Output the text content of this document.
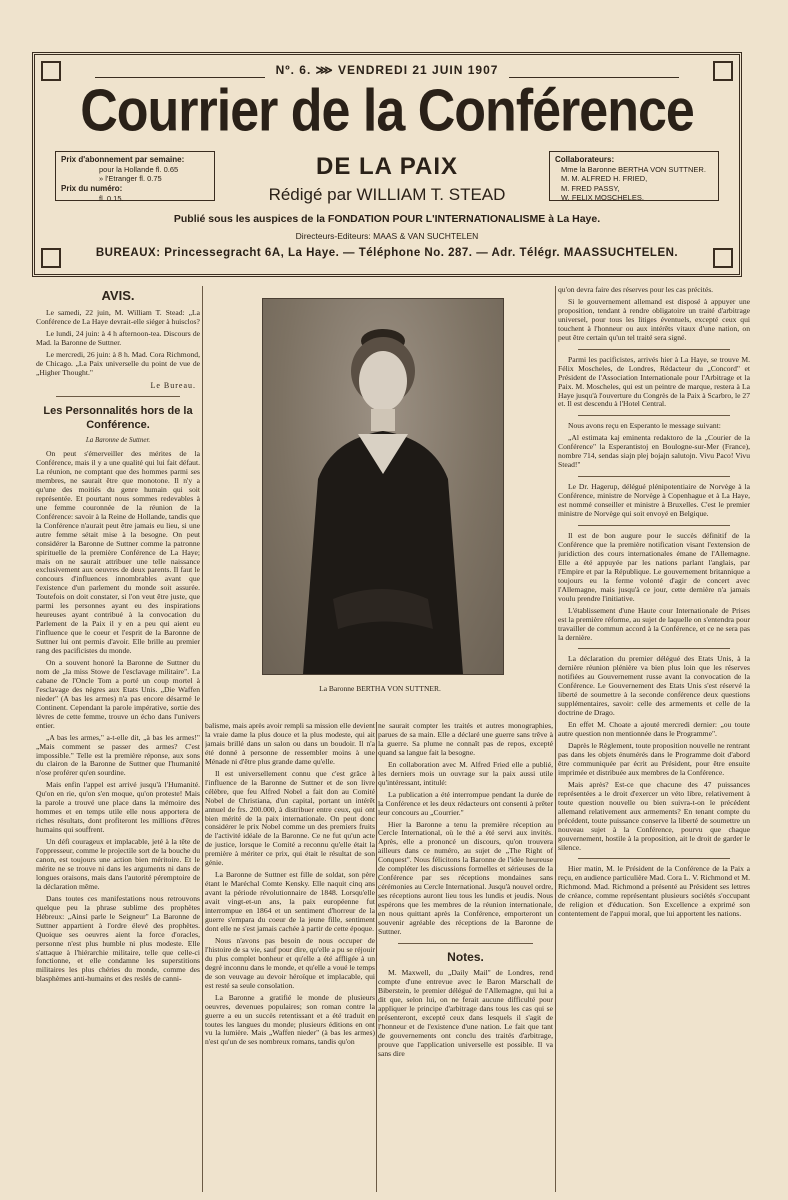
Nº. 6. ⋙ VENDREDI 21 JUIN 1907
Courrier de la Conférence
Prix d'abonnement par semaine:
pour la Hollande fl. 0.65
» l'Etranger fl. 0.75
Prix du numéro:
fl. 0.15.
DE LA PAIX
Rédigé par WILLIAM T. STEAD
Collaborateurs:
Mme la Baronne BERTHA VON SUTTNER.
M. M. ALFRED H. FRIED,
M. FRED PASSY,
W. FELIX MOSCHELES.
Publié sous les auspices de la FONDATION POUR L'INTERNATIONALISME à La Haye.
Directeurs-Editeurs: MAAS & VAN SUCHTELEN
BUREAUX: Princessegracht 6A, La Haye. — Téléphone No. 287. — Adr. Télégr. MAASSUCHTELEN.
AVIS.

Le samedi, 22 juin, M. William T. Stead: „La Conférence de La Haye devrait-elle siéger à huisclos?

Le lundi, 24 juin: à 4 h afternoon-tea. Discours de Mad. la Baronne de Suttner.

Le mercredi, 26 juin: à 8 h. Mad. Cora Richmond, de Chicago. „La Paix universelle du point de vue de „Higher Thought."

Le Bureau.
Les Personnalités hors de la Conférence.
La Baronne de Suttner.

On peut s'émerveiller des mérites de la Conférence, mais il y a une qualité qui lui fait défaut. La réunion, ne comptant que des hommes parmi ses membres, ne saurait être que monotone. Il n'y a qu'une des moitiés du genre humain qui soit représentée. Et pourtant nous sommes redevables à une femme couronnée de la réunion de la Conférence: savoir à la Reine de Hollande, tandis que la Conférence n'aurait peut être jamais eu lieu, si une autre femme sétait mise à la besogne. On peut considérer la Baronne de Suttner comme la patronne spirituelle de la première Conférence de La Haye; mais on ne saurait attribuer une telle naissance exclusivement aux oeuvres de deux parents. Il faut le concours d'influences innombrables avant que l'existence d'un parlement du monde soit assurée. Toutefois on doit constater, si l'on veut être juste, que parmi les personnes ayant eu des inspirations heureuses ayant contribué à la convocation du Parlement de la Paix il y en a peu qui aient eu l'influence que le coeur et l'esprit de la Baronne de Suttner lui ont permis d'avoir. Elle brille au premier rang des pacificistes du monde.

On a souvent honoré la Baronne de Suttner du nom de „la miss Stowe de l'esclavage militaire". La cabane de l'Oncle Tom a porté un coup mortel à l'esclavage des nègres aux Etats Unis. „Die Waffen nieder" (A bas les armes) n'a pas encore désarmé le Continent. Cependant la parole impérative, sortie des lèvres de cette femme, trouve un écho dans l'univers entier.

„A bas les armes," a-t-elle dit, „à bas les armes!" „Mais comment se passer des armes? C'est impossible." Telle est la première réponse, aux sons du clairon de la Baronne de Suttner que l'humanité n'ose proférer qu'en sourdine.

Mais enfin l'appel est arrivé jusqu'à l'Humanité. Qu'on en rie, qu'on s'en moque, qu'on proteste! Mais la parole a trouvé une place dans la mémoire des hommes et en temps utile elle nous apportera de riches résultats, dont profiteront les millions d'êtres humains qui souffrent.

Un défi courageux et implacable, jeté à la tête de l'oppresseur, comme le projectile sort de la bouche du canon, est toujours une action bien méritoire. Et le mérite ne se trouve ni dans les arguments ni dans de longues oraisons, mais dans l'autorité péremptoire de la déclaration même.

Dans toutes ces manifestations nous retrouvons quelque peu la phrase sublime des prophètes Hébreux: „Ainsi parle le Seigneur" La Baronne de Suttner appartient à l'ordre élevé des prophètes. Quoique ses oeuvres aient la force d'oracles, personne n'est plus humble ni plus modeste. Elle s'attaque à l'hiérarchie militaire, telle que celle-ci fonctionne, et elle condamne les superstitions militaires les plus chéries du monde, comme des blasphèmes anti-humains et des reslés de canni-

La Baronne BERTHA VON SUTTNER.

balisme, mais après avoir rempli sa mission elle devient la vraie dame la plus douce et la plus modeste, qui ait jamais brillé dans un salon ou dans un boudoir. Il n'a été donné à personne de ressembler moins à une Ménade ni d'être plus grande dame qu'elle.

Il est universellement connu que c'est grâce à l'influence de la Baronne de Suttner et de son livre célèbre, que feu Alfred Nobel a fait don au Comité Nobel de Christiana, d'un capital, portant un intérêt annuel de frs. 200.000, à distribuer entre ceux, qui ont bien mérité de la paix internationale. On peut donc considérer le prix Nobel comme un des premiers fruits de l'activité idéale de la Baronne. Ce ne fut qu'un acte de justice, lorsque le Comité a reconnu qu'elle était la première à mériter ce prix, qui était le résultat de son génie.

La Baronne de Suttner est fille de soldat, son père étant le Maréchal Comte Kensky. Elle naquit cinq ans avant la période révolutionnaire de 1848. Lorsqu'elle avait vingt-et-un ans, la paix européenne fut interrompue en 1864 et un sentiment d'horreur de la guerre s'empara du coeur de la jeune fille, sentiment dont elle ne s'est jamais cachée à partir de cette époque.

Nous n'avons pas besoin de nous occuper de l'histoire de sa vie, sauf pour dire, qu'elle a pu se réjouir du plus complet bonheur et qu'elle a été affligée à un degré inconnu dans le monde, et qu'elle a voué le temps de son veuvage au devoir héroïque et implacable, qui est resté sa seule consolation.

La Baronne a gratifié le monde de plusieurs oeuvres, devenues populaires; son roman contre la guerre a eu un succès retentissant et a été traduit en toutes les langues du monde; plusieurs éditions en ont vu la lumière. Mais „Waffen nieder" (à bas les armes) n'est qu'un de ses nombreux romans, tandis qu'on

ne saurait compter les traités et autres monographies, parues de sa main. Elle a déclaré une guerre sans trêve à la guerre. Sa plume ne connaît pas de repos, excepté quand sa langue fait la besogne.

En collaboration avec M. Alfred Fried elle a publié, les derniers mois un ouvrage sur la paix aussi utile qu'intéressant, intitulé:

La publication a été interrompue pendant la durée de la Conférence et les deux rédacteurs ont consenti à prêter leur concours au „Courrier."

Hier la Baronne a tenu la première réception au Cercle International, où le thé a été servi aux invités. Après, elle a prononcé un discours, qu'on trouvera ailleurs dans ce numéro, au sujet de „The Right of Conquest". Nous félicitons la Baronne de l'idée heureuse de compléter les discussions formelles et sérieuses de la Conférence par ses réceptions mondaines sans cérémonies au Cercle International. Jusqu'à nouvel ordre, ses réceptions auront lieu tous les lundis et jeudis. Nous espérons que les membres de la réunion internationale, en nous quittant après la Conférence, emporteront un souvenir agréable des réceptions de la Baronne de Suttner.

Notes.

M. Maxwell, du „Daily Mail" de Londres, rend compte d'une entrevue avec le Baron Marschall de Biberstein, le premier délégué de l'Allemagne, qui lui a dit que, selon lui, on ne ferait aucune difficulté pour appliquer le principe d'arbitrage dans tous les cas qui se présenteront, excepté ceux dans lesquels il s'agit de l'honneur et de l'existence d'une nation. Le fait que tant de gouvernements ont conclu des traités d'arbitrage, prouve que l'application universelle est possible. Il va sans dire

qu'on devra faire des réserves pour les cas précités.

Si le gouvernement allemand est disposé à appuyer une proposition, tendant à rendre obligatoire un traité d'arbitrage universel, pour tous les litiges éventuels, excepté ceux qui touchent à l'honneur ou aux intérêts vitaux d'une nation, on peut être certain qu'un tel traité sera signé.

Parmi les pacificistes, arrivés hier à La Haye, se trouve M. Félix Moscheles, de Londres, Rédacteur du „Concord" et Président de l'Association Internationale pour l'Arbitrage et la Paix. M. Moscheles, qui est un peintre de marque, restera à La Haye jusqu'à l'ouverture du Congrès de la Paix à Scarbro, le 27 et. Il est descendu à l'Hotel Central.

Nous avons reçu en Esperanto le message suivant:

„Al estimata kaj eminenta redaktoro de la „Courier de la Conférence" la Esperantistoj en Boulogne-sur-Mer (France), nombre 714, sendas siajn plej bojajn salutojn. Vivu Paco! Vivu Stead!"

Le Dr. Hagerup, délégué plénipotentiaire de Norvège à la Conférence, ministre de Norvège à Copenhague et à La Haye, est nommé conseiller et ministre à Bruxelles. C'est le premier ministre de Norvège qui soit envoyé en Belgique.

Il est de bon augure pour le succès définitif de la Conférence que la première notification visant l'extension de juridiction des cours internationales émane de l'Allemagne. Elle a été appuyée par les nations parlant l'anglais, par l'Empire et par la République. Le gouvernement britannique a toujours eu la ferme volonté d'agir de concert avec l'Allemagne, mais jusqu'à ce jour, cette dernière n'a jamais voulu prendre l'initiative.

L'établissement d'une Haute cour Internationale de Prises est la première réforme, au sujet de laquelle on s'entendra pour travailler de commun accord à la Conférence, et ce ne sera pas la dernière.

La déclaration du premier délégué des Etats Unis, à la dernière réunion plénière va bien plus loin que les réserves notifiées au Gouvernement russe avant la convocation de la Conférence. Le Gouvernement des Etats Unis s'est réservé la liberté de soumettre à la seconde conférence deux questions supplémentaires, savoir: celle des armements et celle de la doctrine de Drago.

En effet M. Choate a ajouté mercredi dernier: „ou toute autre question non mentionnée dans le Programme".

Daprès le Règlement, toute proposition nouvelle ne rentrant pas dans les objets énumérés dans le Programme doit d'abord être communiquée par écrit au Président, pour être ensuite imprimée et distribuée aux membres de la Conférence.

Mais après? Est-ce que chacune des 47 puissances représentées a le droit d'exercer un véto libre, relativement à toute question nouvelle ou bien suivra-t-on le précédent allemand relativement aux armements? En tenant compte du précédent, toute puissance conserve la liberté de soumettre un nouveau sujet à la Conférence, pourvu que chaque gouvernement, hostile à la proposition, ait le droit de garder le silence.

Hier matin, M. le Président de la Conférence de la Paix a reçu, en audience particulière Mad. Cora L. V. Richmond et M. Richmond. Mad. Richmond a présenté au Président ses lettres de créance, comme représentant plusieurs sociétés s'occupant de religion et d'éducation. Son Excellence a exprimé son contentement de l'appui moral, que lui apportent les nations.
